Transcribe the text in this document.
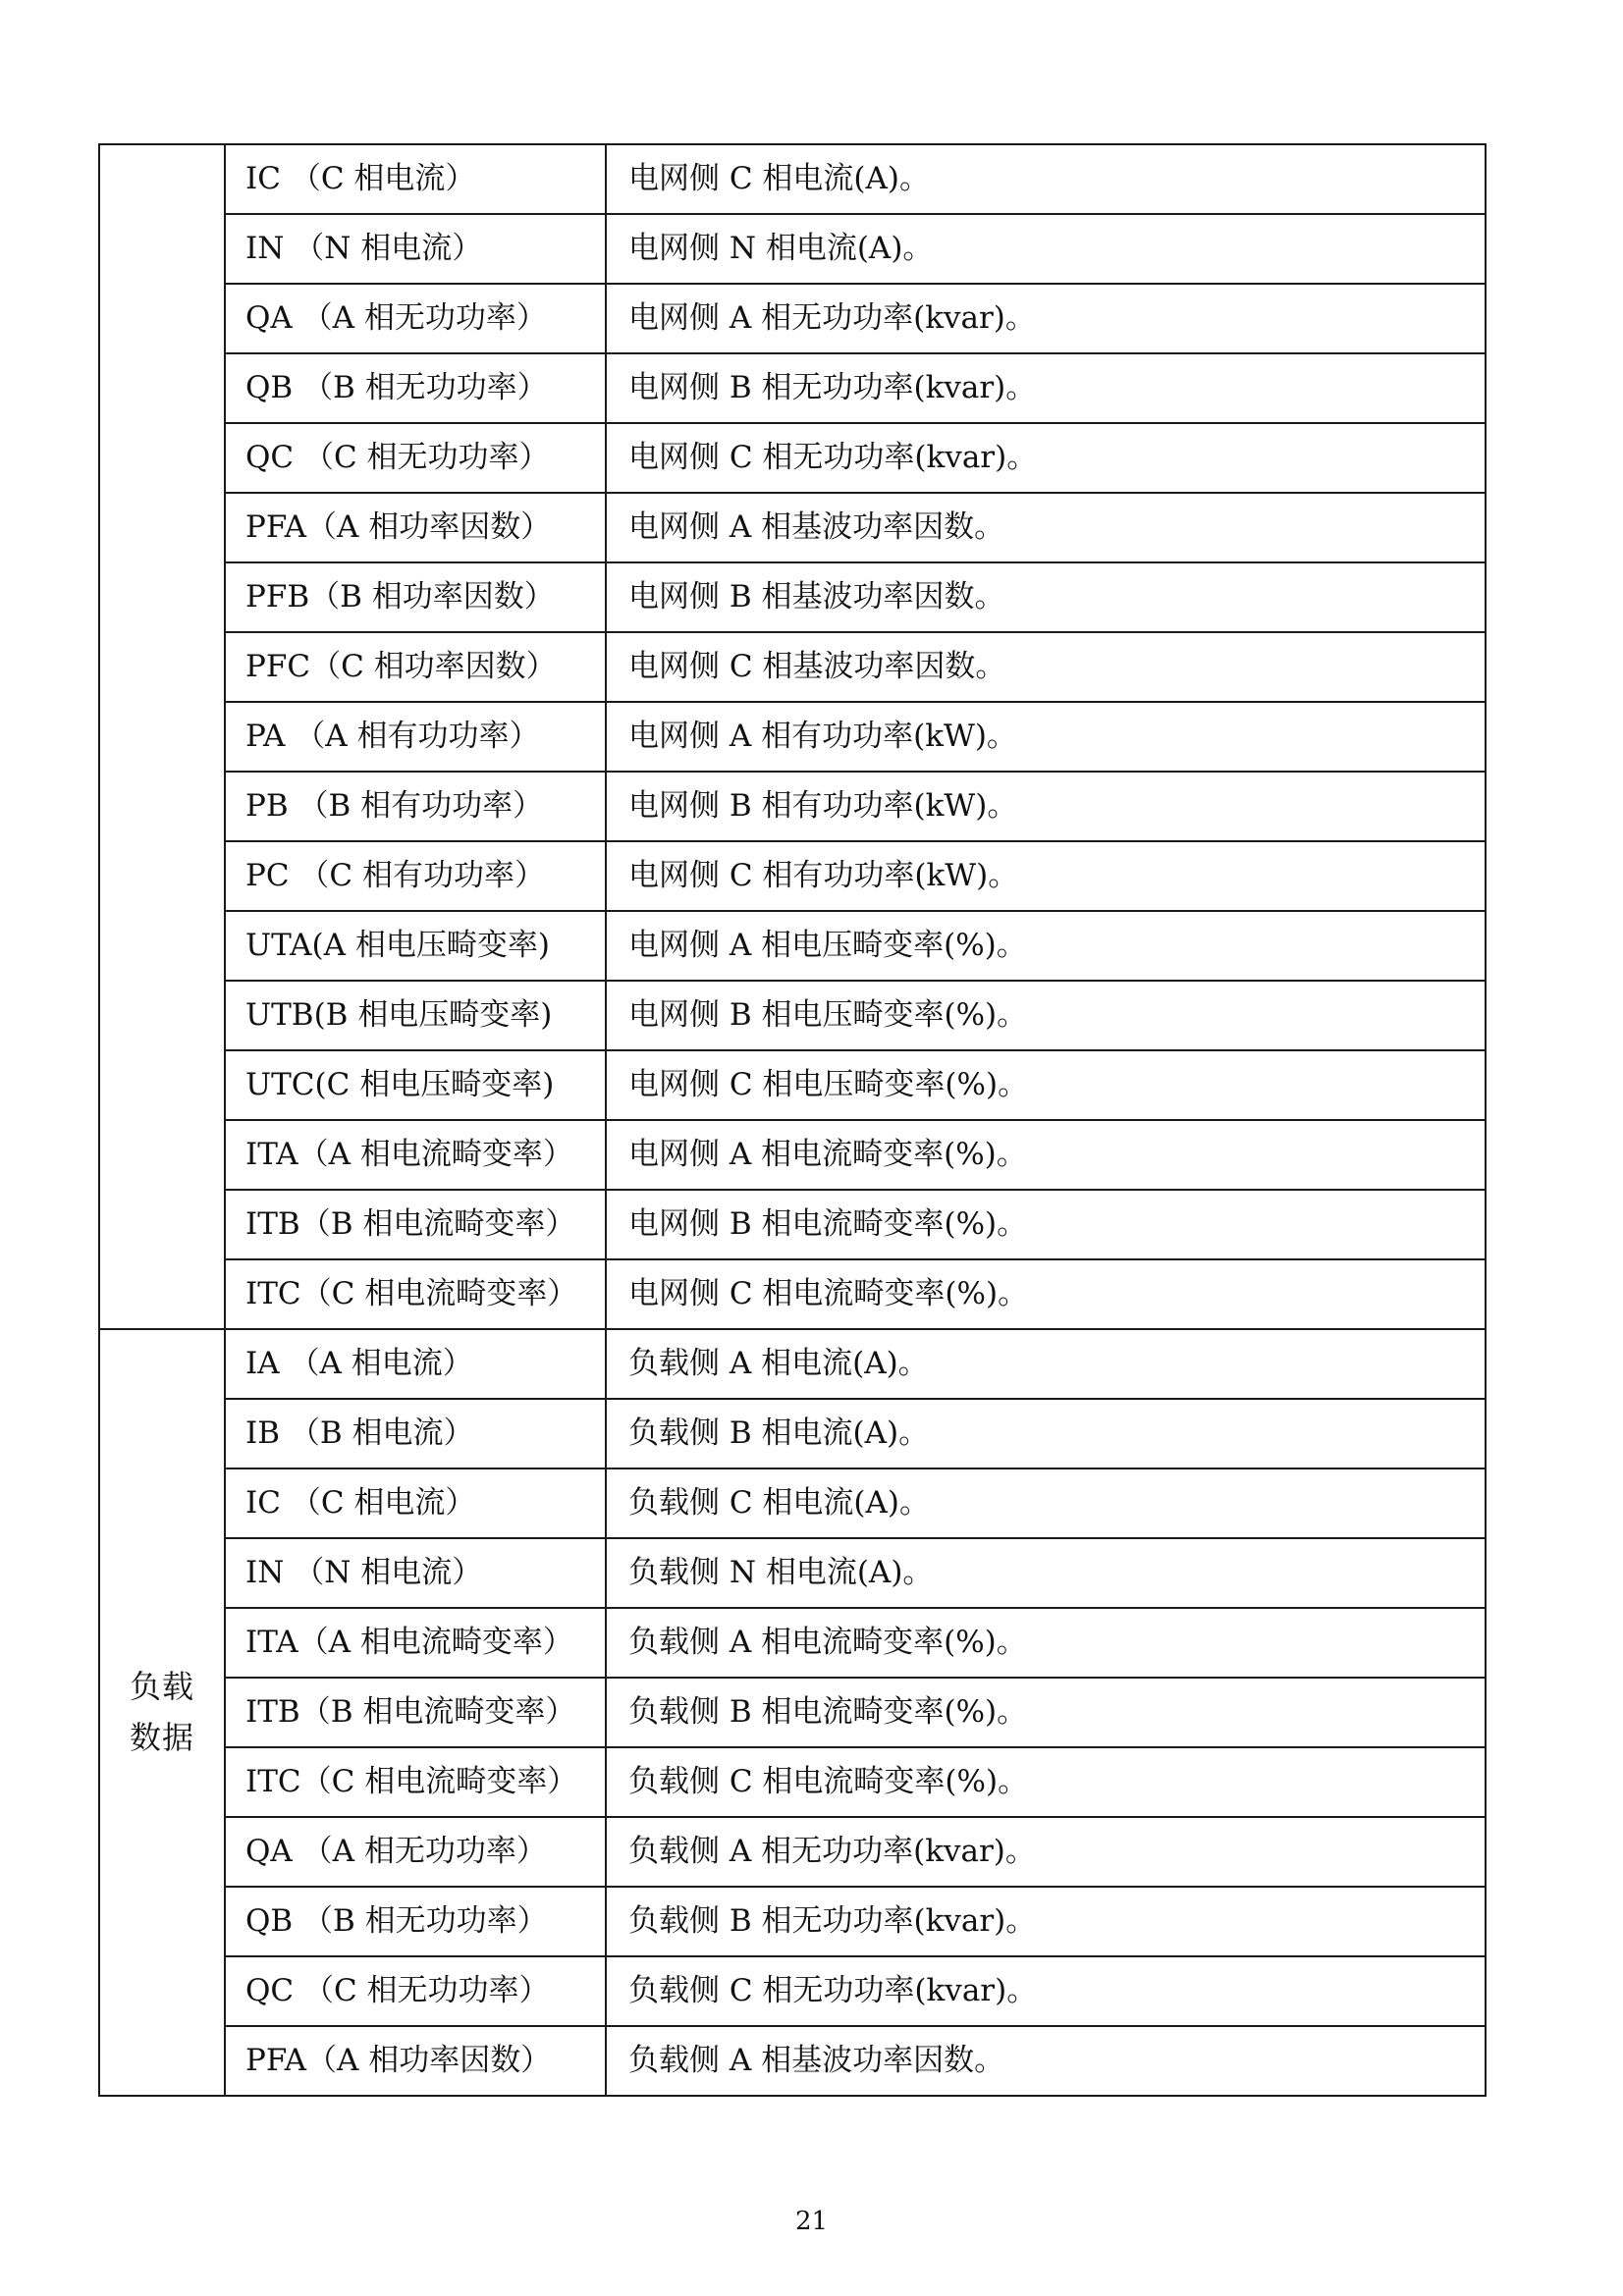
	IC （C 相电流）	电网侧 C 相电流(A)。
	IN （N 相电流）	电网侧 N 相电流(A)。
	QA （A 相无功功率）	电网侧 A 相无功功率(kvar)。
	QB （B 相无功功率）	电网侧 B 相无功功率(kvar)。
	QC （C 相无功功率）	电网侧 C 相无功功率(kvar)。
	PFA（A 相功率因数）	电网侧 A 相基波功率因数。
	PFB（B 相功率因数）	电网侧 B 相基波功率因数。
	PFC（C 相功率因数）	电网侧 C 相基波功率因数。
	PA （A 相有功功率）	电网侧 A 相有功功率(kW)。
	PB （B 相有功功率）	电网侧 B 相有功功率(kW)。
	PC （C 相有功功率）	电网侧 C 相有功功率(kW)。
	UTA(A 相电压畸变率)	电网侧 A 相电压畸变率(%)。
	UTB(B 相电压畸变率)	电网侧 B 相电压畸变率(%)。
	UTC(C 相电压畸变率)	电网侧 C 相电压畸变率(%)。
	ITA（A 相电流畸变率）	电网侧 A 相电流畸变率(%)。
	ITB（B 相电流畸变率）	电网侧 B 相电流畸变率(%)。
	ITC（C 相电流畸变率）	电网侧 C 相电流畸变率(%)。
负载数据	IA （A 相电流）	负载侧 A 相电流(A)。
	IB （B 相电流）	负载侧 B 相电流(A)。
	IC （C 相电流）	负载侧 C 相电流(A)。
	IN （N 相电流）	负载侧 N 相电流(A)。
	ITA（A 相电流畸变率）	负载侧 A 相电流畸变率(%)。
	ITB（B 相电流畸变率）	负载侧 B 相电流畸变率(%)。
	ITC（C 相电流畸变率）	负载侧 C 相电流畸变率(%)。
	QA （A 相无功功率）	负载侧 A 相无功功率(kvar)。
	QB （B 相无功功率）	负载侧 B 相无功功率(kvar)。
	QC （C 相无功功率）	负载侧 C 相无功功率(kvar)。
	PFA（A 相功率因数）	负载侧 A 相基波功率因数。
21
